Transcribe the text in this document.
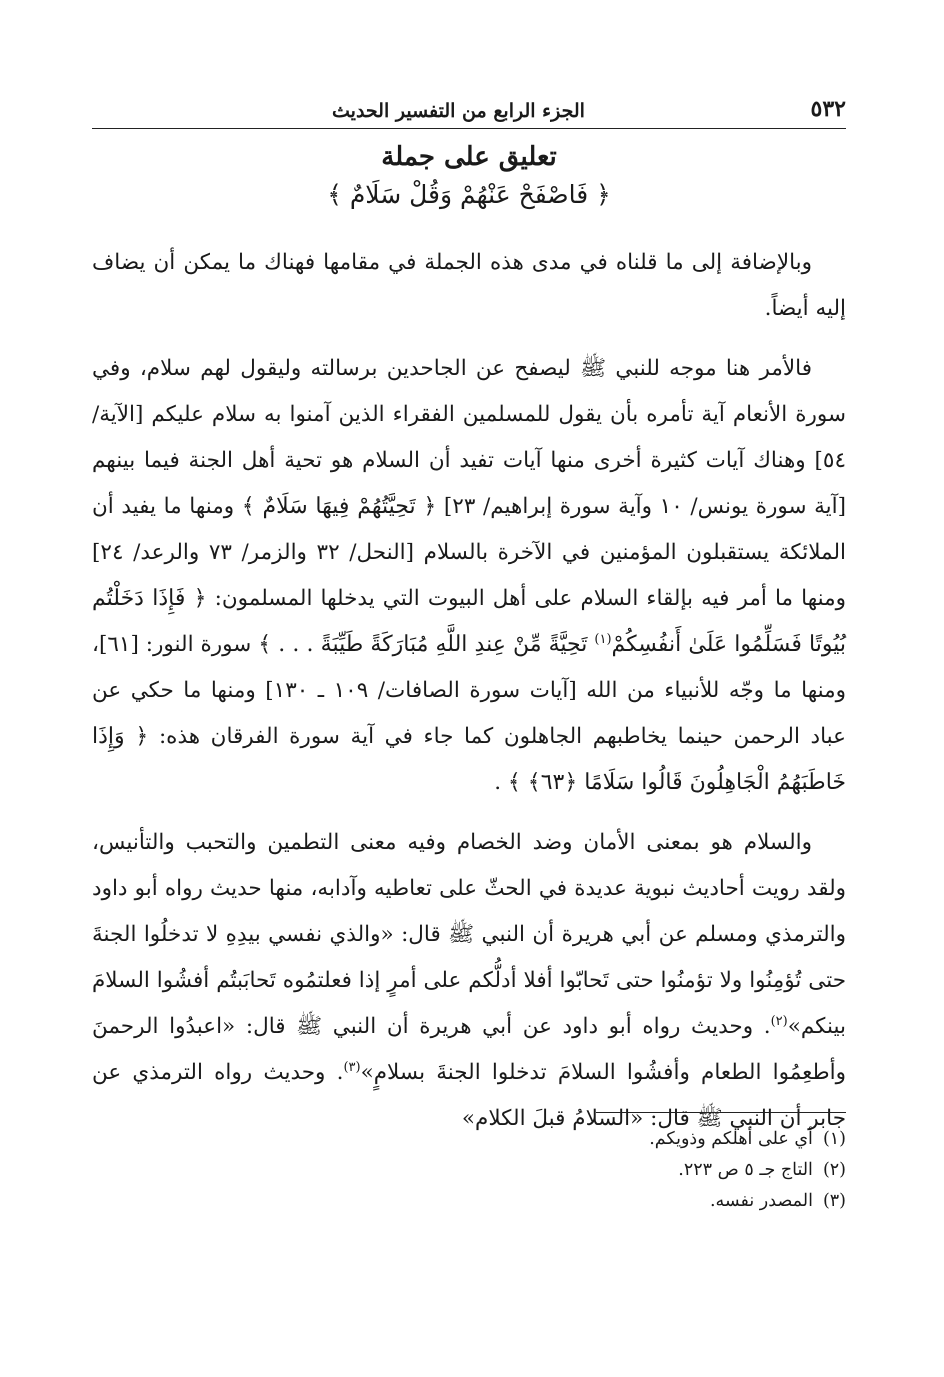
٥٣٢
الجزء الرابع من التفسير الحديث
تعليق على جملة
﴿ فَاصْفَحْ عَنْهُمْ وَقُلْ سَلَامٌ ﴾

وبالإضافة إلى ما قلناه في مدى هذه الجملة في مقامها فهناك ما يمكن أن يضاف إليه أيضاً.

فالأمر هنا موجه للنبي ﷺ ليصفح عن الجاحدين برسالته وليقول لهم سلام، وفي سورة الأنعام آية تأمره بأن يقول للمسلمين الفقراء الذين آمنوا به سلام عليكم [الآية/ ٥٤] وهناك آيات كثيرة أخرى منها آيات تفيد أن السلام هو تحية أهل الجنة فيما بينهم [آية سورة يونس/ ١٠ وآية سورة إبراهيم/ ٢٣] ﴿ تَحِيَّتُهُمْ فِيهَا سَلَامٌ ﴾ ومنها ما يفيد أن الملائكة يستقبلون المؤمنين في الآخرة بالسلام [النحل/ ٣٢ والزمر/ ٧٣ والرعد/ ٢٤] ومنها ما أمر فيه بإلقاء السلام على أهل البيوت التي يدخلها المسلمون: ﴿ فَإِذَا دَخَلْتُم بُيُوتًا فَسَلِّمُوا عَلَىٰ أَنفُسِكُمْ$^{(١)}$ تَحِيَّةً مِّنْ عِندِ اللَّهِ مُبَارَكَةً طَيِّبَةً . . . ﴾ سورة النور: [٦١]، ومنها ما وجّه للأنبياء من الله [آيات سورة الصافات/ ١٠٩ ـ ١٣٠] ومنها ما حكي عن عباد الرحمن حينما يخاطبهم الجاهلون كما جاء في آية سورة الفرقان هذه: ﴿ وَإِذَا خَاطَبَهُمُ الْجَاهِلُونَ قَالُوا سَلَامًا ﴿٦٣﴾ ﴾ .

والسلام هو بمعنى الأمان وضد الخصام وفيه معنى التطمين والتحبب والتأنيس، ولقد رويت أحاديث نبوية عديدة في الحثّ على تعاطيه وآدابه، منها حديث رواه أبو داود والترمذي ومسلم عن أبي هريرة أن النبي ﷺ قال: «والذي نفسي بيدِهِ لا تدخلُوا الجنةَ حتى تُؤمِنُوا ولا تؤمنُوا حتى تَحابّوا أفلا أدلُّكم على أمرٍ إذا فعلتمُوه تَحابَبتُم أفشُوا السلامَ بينكم»$^{(٢)}$. وحديث رواه أبو داود عن أبي هريرة أن النبي ﷺ قال: «اعبدُوا الرحمنَ وأطعِمُوا الطعام وأفشُوا السلامَ تدخلوا الجنةَ بسلامٍ»$^{(٣)}$. وحديث رواه الترمذي عن جابر أن النبي ﷺ قال: «السلامُ قبلَ الكلام»

(١)
أي على أهلكم وذويكم.
(٢)
التاج جـ ٥ ص ٢٢٣.
(٣)
المصدر نفسه.
